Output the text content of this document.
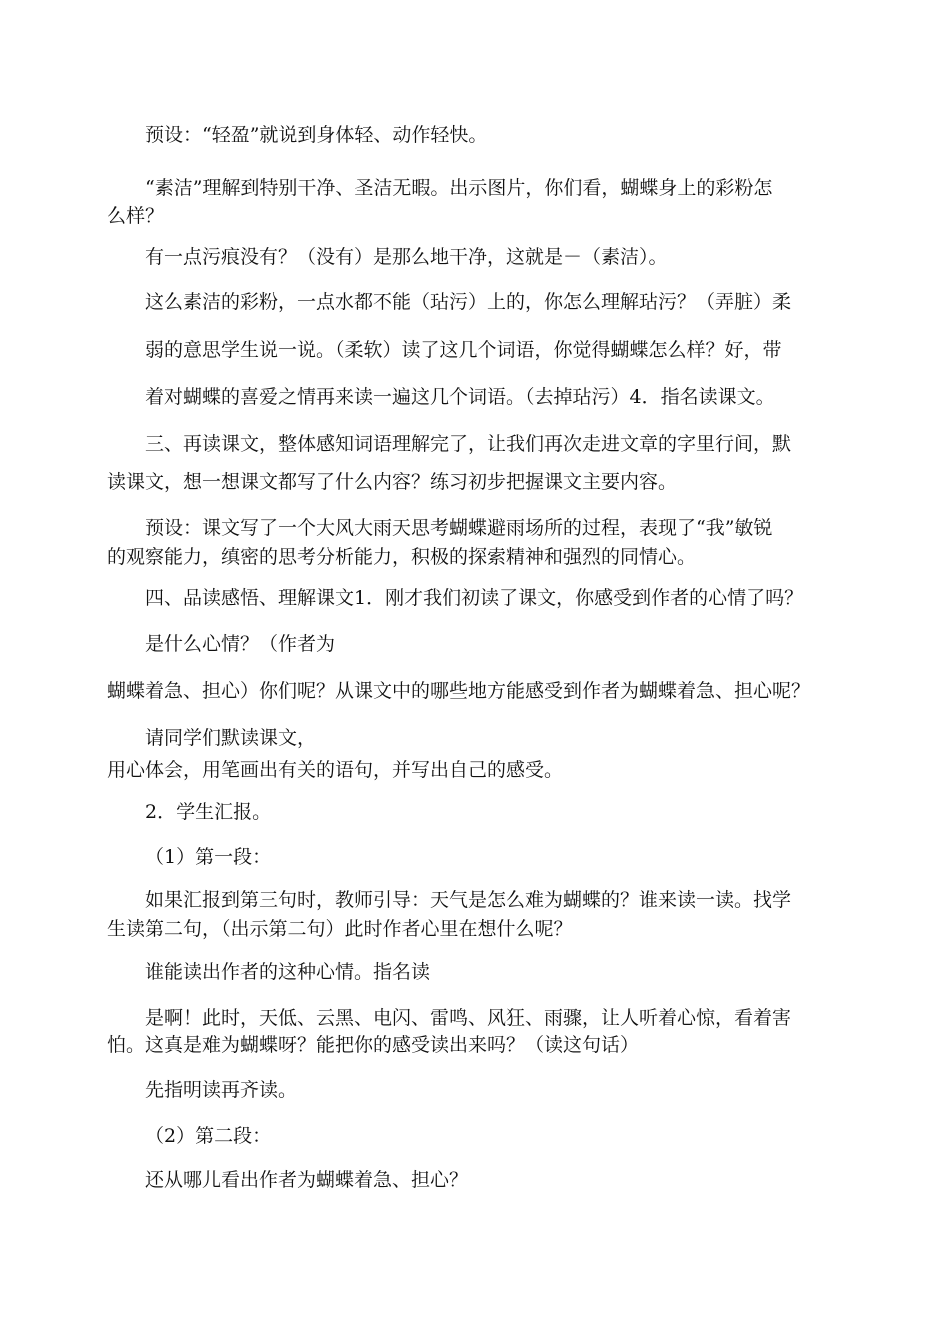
预设：“轻盈”就说到身体轻、动作轻快。
“素洁”理解到特别干净、圣洁无暇。出示图片，你们看，蝴蝶身上的彩粉怎
么样？
有一点污痕没有？（没有）是那么地干净，这就是－（素洁）。
这么素洁的彩粉，一点水都不能（玷污）上的，你怎么理解玷污？（弄脏）柔
弱的意思学生说一说。（柔软）读了这几个词语，你觉得蝴蝶怎么样？好，带
着对蝴蝶的喜爱之情再来读一遍这几个词语。（去掉玷污）4．指名读课文。
三、再读课文，整体感知词语理解完了，让我们再次走进文章的字里行间，默
读课文，想一想课文都写了什么内容？练习初步把握课文主要内容。
预设：课文写了一个大风大雨天思考蝴蝶避雨场所的过程，表现了“我”敏锐
的观察能力，缜密的思考分析能力，积极的探索精神和强烈的同情心。
四、品读感悟、理解课文1．刚才我们初读了课文，你感受到作者的心情了吗？
是什么心情？（作者为
蝴蝶着急、担心）你们呢？从课文中的哪些地方能感受到作者为蝴蝶着急、担心呢？
请同学们默读课文，
用心体会，用笔画出有关的语句，并写出自己的感受。
2．学生汇报。
（1）第一段：
如果汇报到第三句时，教师引导：天气是怎么难为蝴蝶的？谁来读一读。找学
生读第二句，（出示第二句）此时作者心里在想什么呢？
谁能读出作者的这种心情。指名读
是啊！此时，天低、云黑、电闪、雷鸣、风狂、雨骤，让人听着心惊，看着害
怕。这真是难为蝴蝶呀？能把你的感受读出来吗？（读这句话）
先指明读再齐读。
（2）第二段：
还从哪儿看出作者为蝴蝶着急、担心？
